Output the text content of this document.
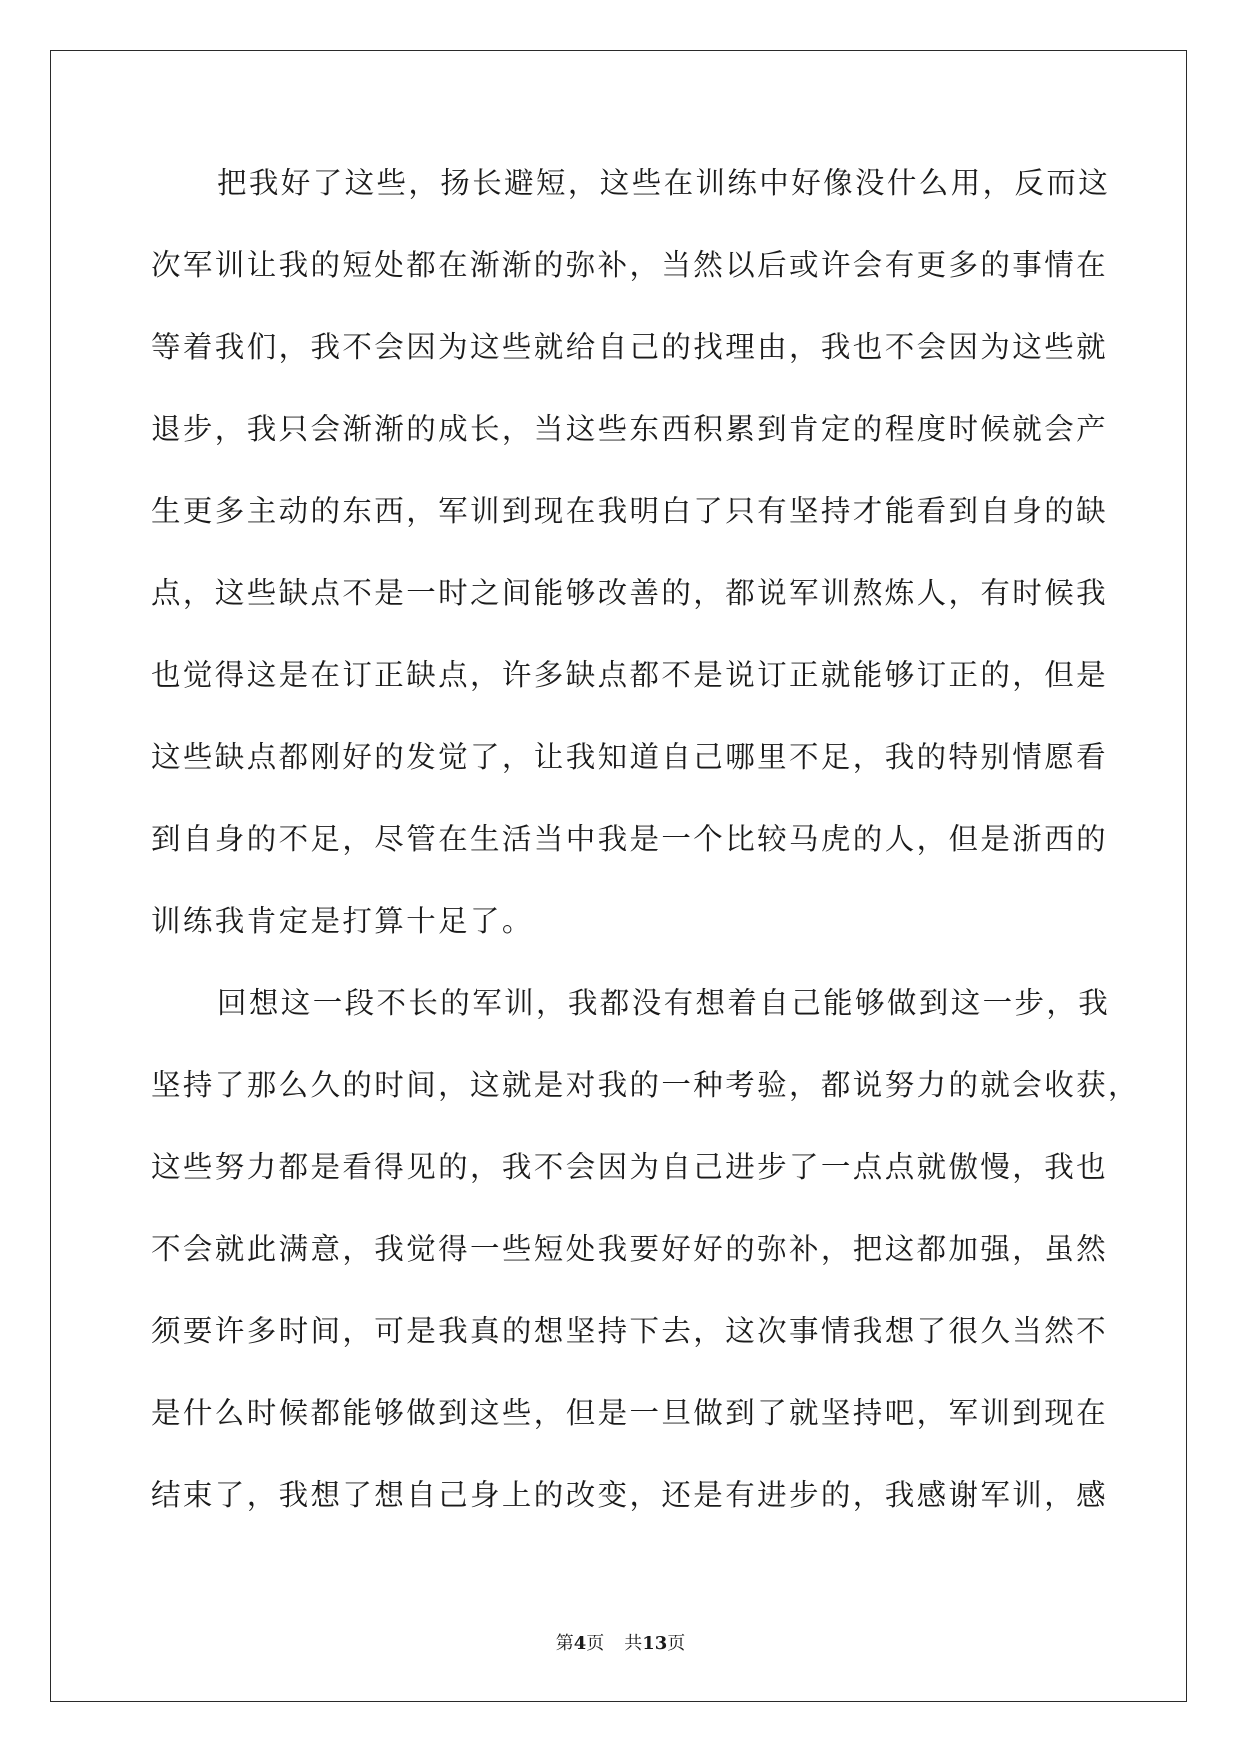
把我好了这些，扬长避短，这些在训练中好像没什么用，反而这
次军训让我的短处都在渐渐的弥补，当然以后或许会有更多的事情在
等着我们，我不会因为这些就给自己的找理由，我也不会因为这些就
退步，我只会渐渐的成长，当这些东西积累到肯定的程度时候就会产
生更多主动的东西，军训到现在我明白了只有坚持才能看到自身的缺
点，这些缺点不是一时之间能够改善的，都说军训熬炼人，有时候我
也觉得这是在订正缺点，许多缺点都不是说订正就能够订正的，但是
这些缺点都刚好的发觉了，让我知道自己哪里不足，我的特别情愿看
到自身的不足，尽管在生活当中我是一个比较马虎的人，但是浙西的
训练我肯定是打算十足了。
回想这一段不长的军训，我都没有想着自己能够做到这一步，我
坚持了那么久的时间，这就是对我的一种考验，都说努力的就会收获，
这些努力都是看得见的，我不会因为自己进步了一点点就傲慢，我也
不会就此满意，我觉得一些短处我要好好的弥补，把这都加强，虽然
须要许多时间，可是我真的想坚持下去，这次事情我想了很久当然不
是什么时候都能够做到这些，但是一旦做到了就坚持吧，军训到现在
结束了，我想了想自己身上的改变，还是有进步的，我感谢军训，感
第4页 共13页
